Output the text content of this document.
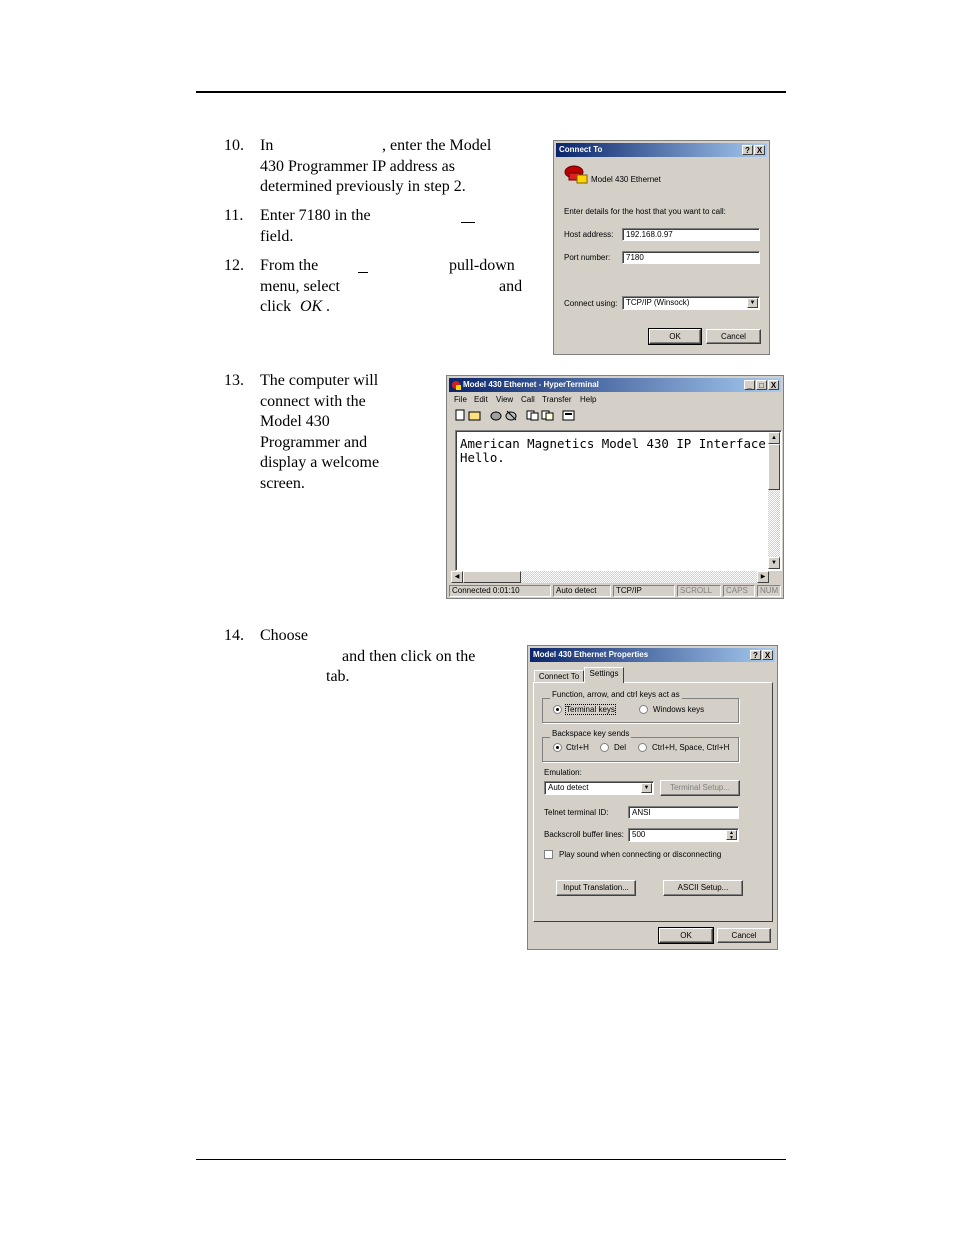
10.	In	, enter the Model
430 Programmer IP address as
determined previously in step 2.
11.	Enter 7180 in the
field.
12.	From the	pull-down
menu, select	and
click OK .
13.	The computer will
connect with the
Model 430
Programmer and
display a welcome
screen.
14.	Choose
and then click on the
tab.
Connect To	? X
Model 430 Ethernet
Enter details for the host that you want to call:
Host address:	192.168.0.97
Port number:	7180
Connect using:	TCP/IP (Winsock)	▼
OK	Cancel
Model 430 Ethernet - HyperTerminal	_ □ X
File Edit View Call Transfer Help
American Magnetics Model 430 IP Interface
Hello.
▲
▼
◀	▶
Connected 0:01:10	Auto detect	TCP/IP	SCROLL	CAPS	NUM
Model 430 Ethernet Properties	? X
Connect To	Settings
Function, arrow, and ctrl keys act as
Terminal keys	Windows keys
Backspace key sends
Ctrl+H	Del	Ctrl+H, Space, Ctrl+H
Emulation:
Auto detect	▼	Terminal Setup...
Telnet terminal ID:	ANSI
Backscroll buffer lines:	500	▲
▼
Play sound when connecting or disconnecting
Input Translation...	ASCII Setup...
OK	Cancel
